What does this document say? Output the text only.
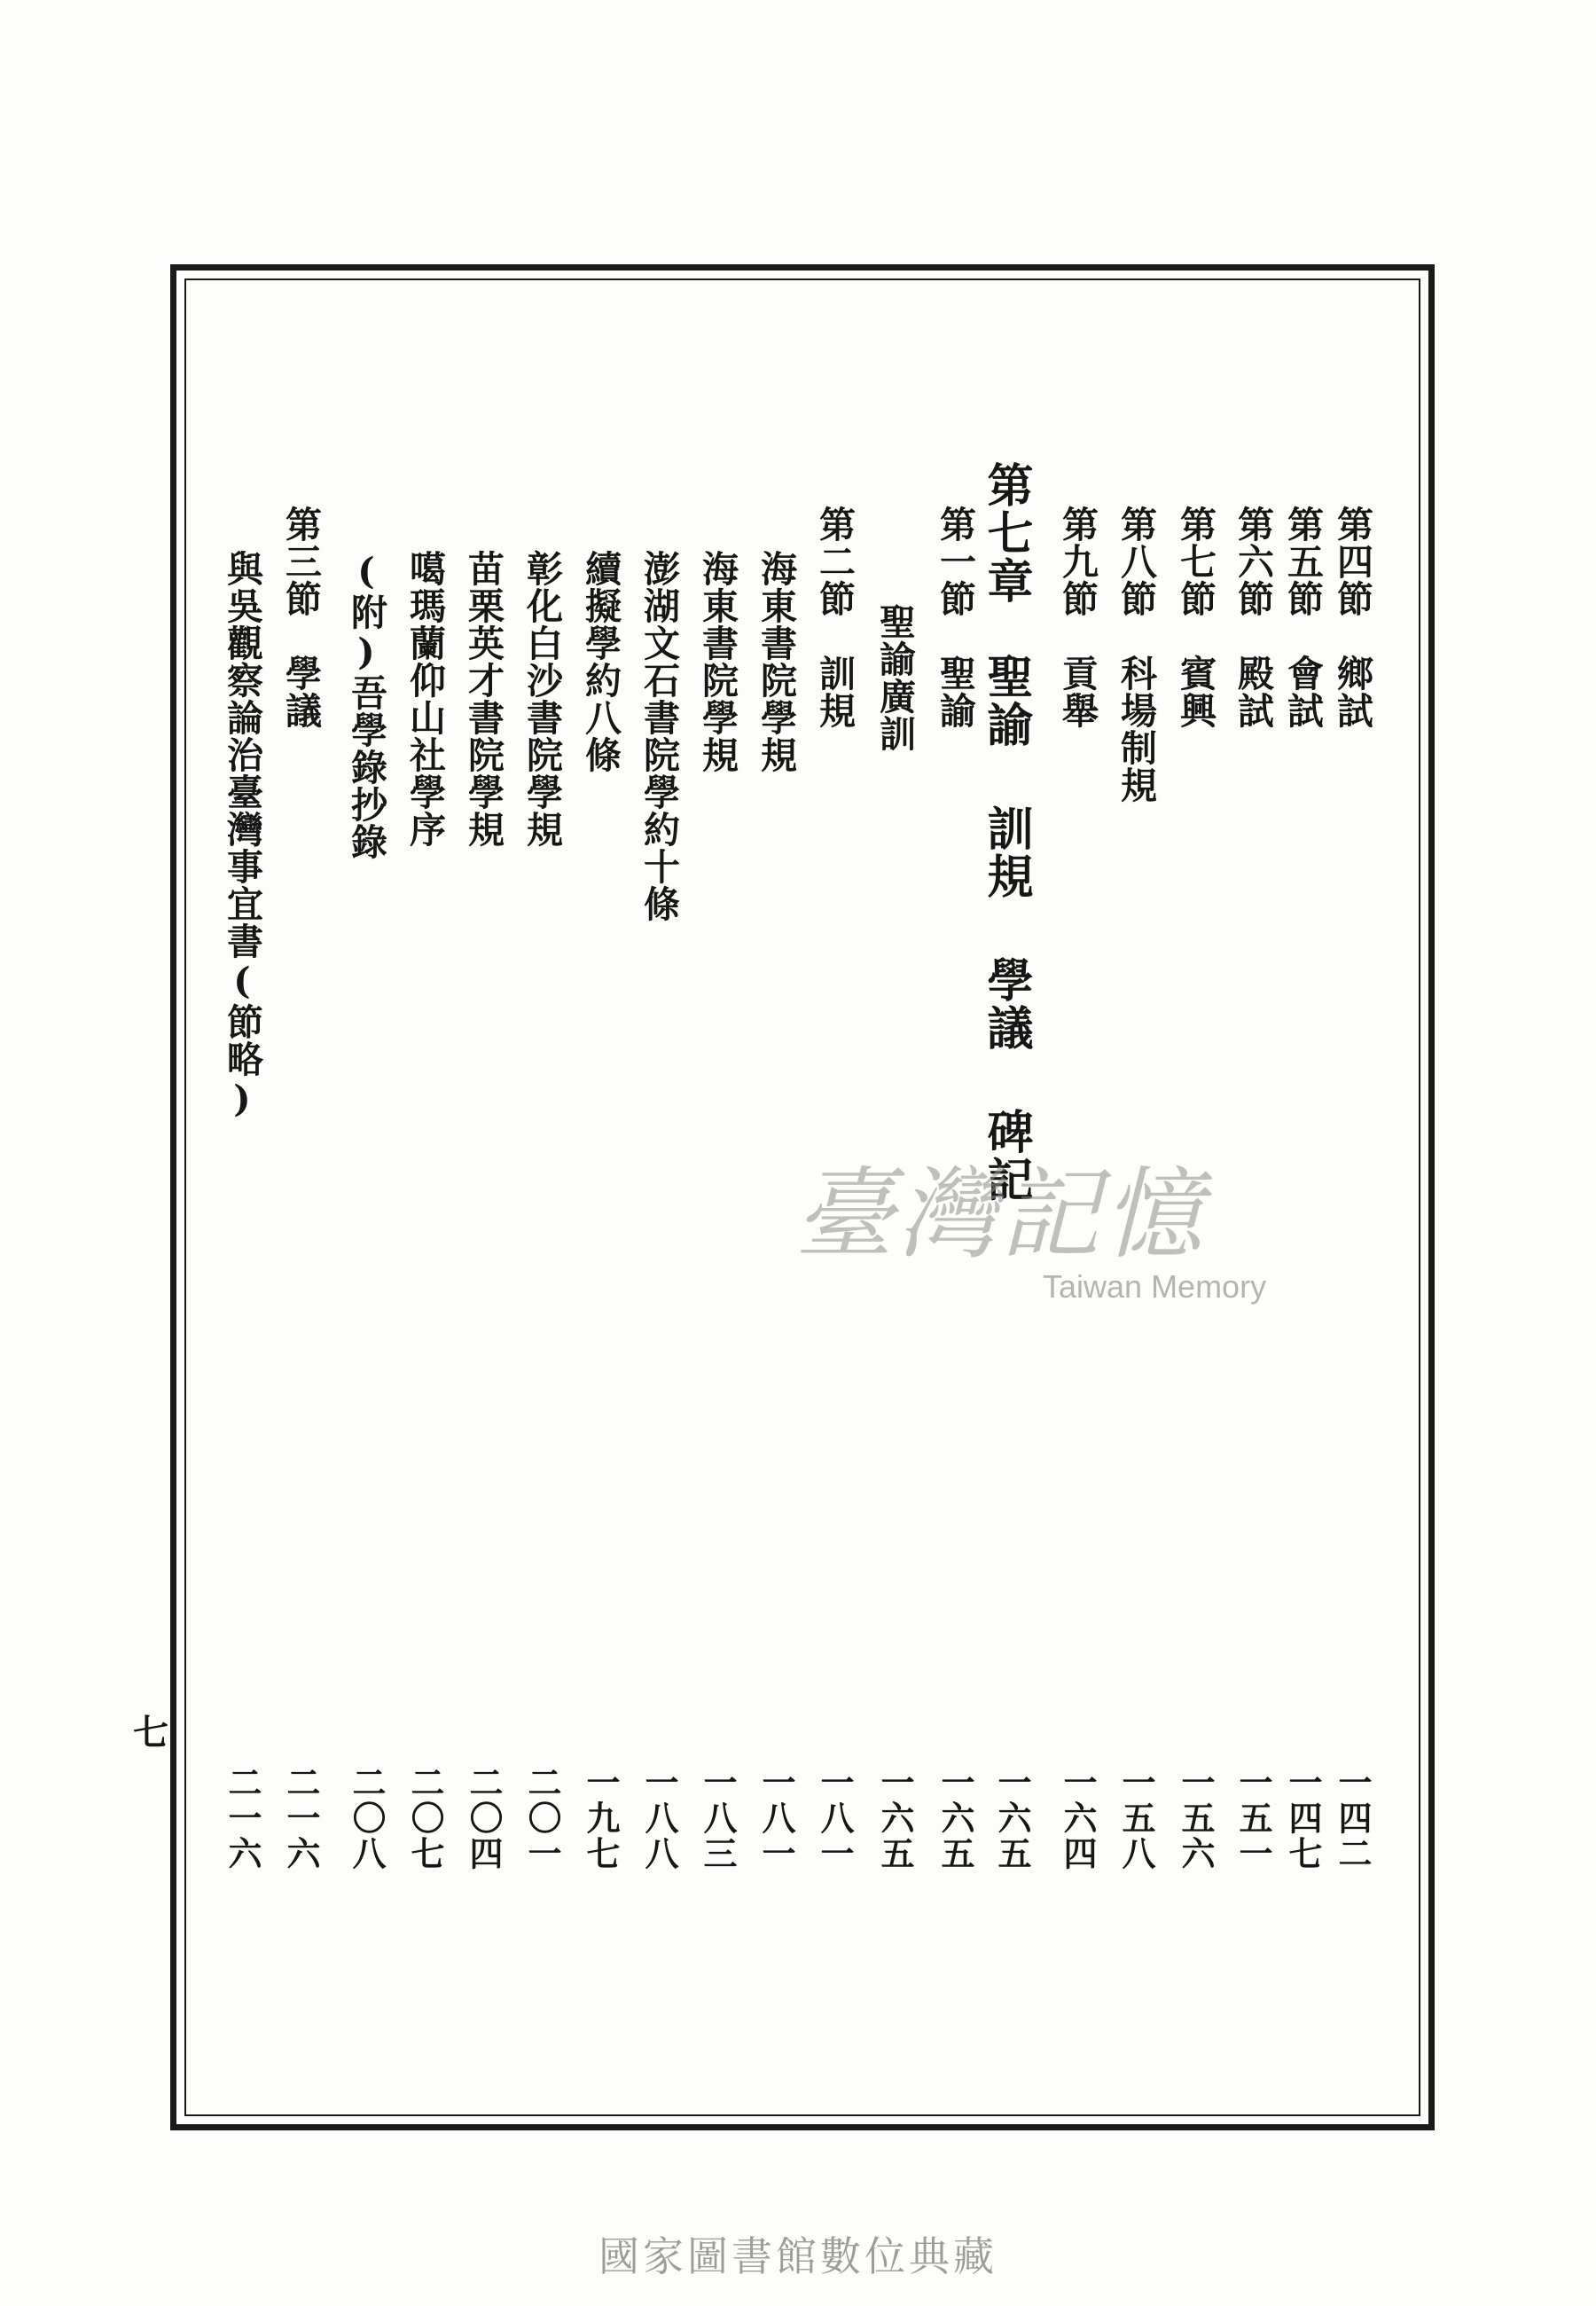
第四節　鄉試
第五節　會試
第六節　殿試
第七節　賓興
第八節　科場制規
第九節　貢舉
第七章　聖諭 訓規 學議 碑記
第一節　聖諭
聖諭廣訓
第二節　訓規
海東書院學規
海東書院學規
澎湖文石書院學約十條
續擬學約八條
彰化白沙書院學規
苗栗英才書院學規
噶瑪蘭仰山社學序
(附)吾學錄抄錄
第三節　學議
與吳觀察論治臺灣事宜書(節略)
一四二
一四七
一五一
一五六
一五八
一六四
一六五
一六五
一六五
一八一
一八一
一八三
一八八
一九七
二〇一
二〇四
二〇七
二〇八
二一六
二一六
七
臺灣記憶
Taiwan Memory
國家圖書館數位典藏
